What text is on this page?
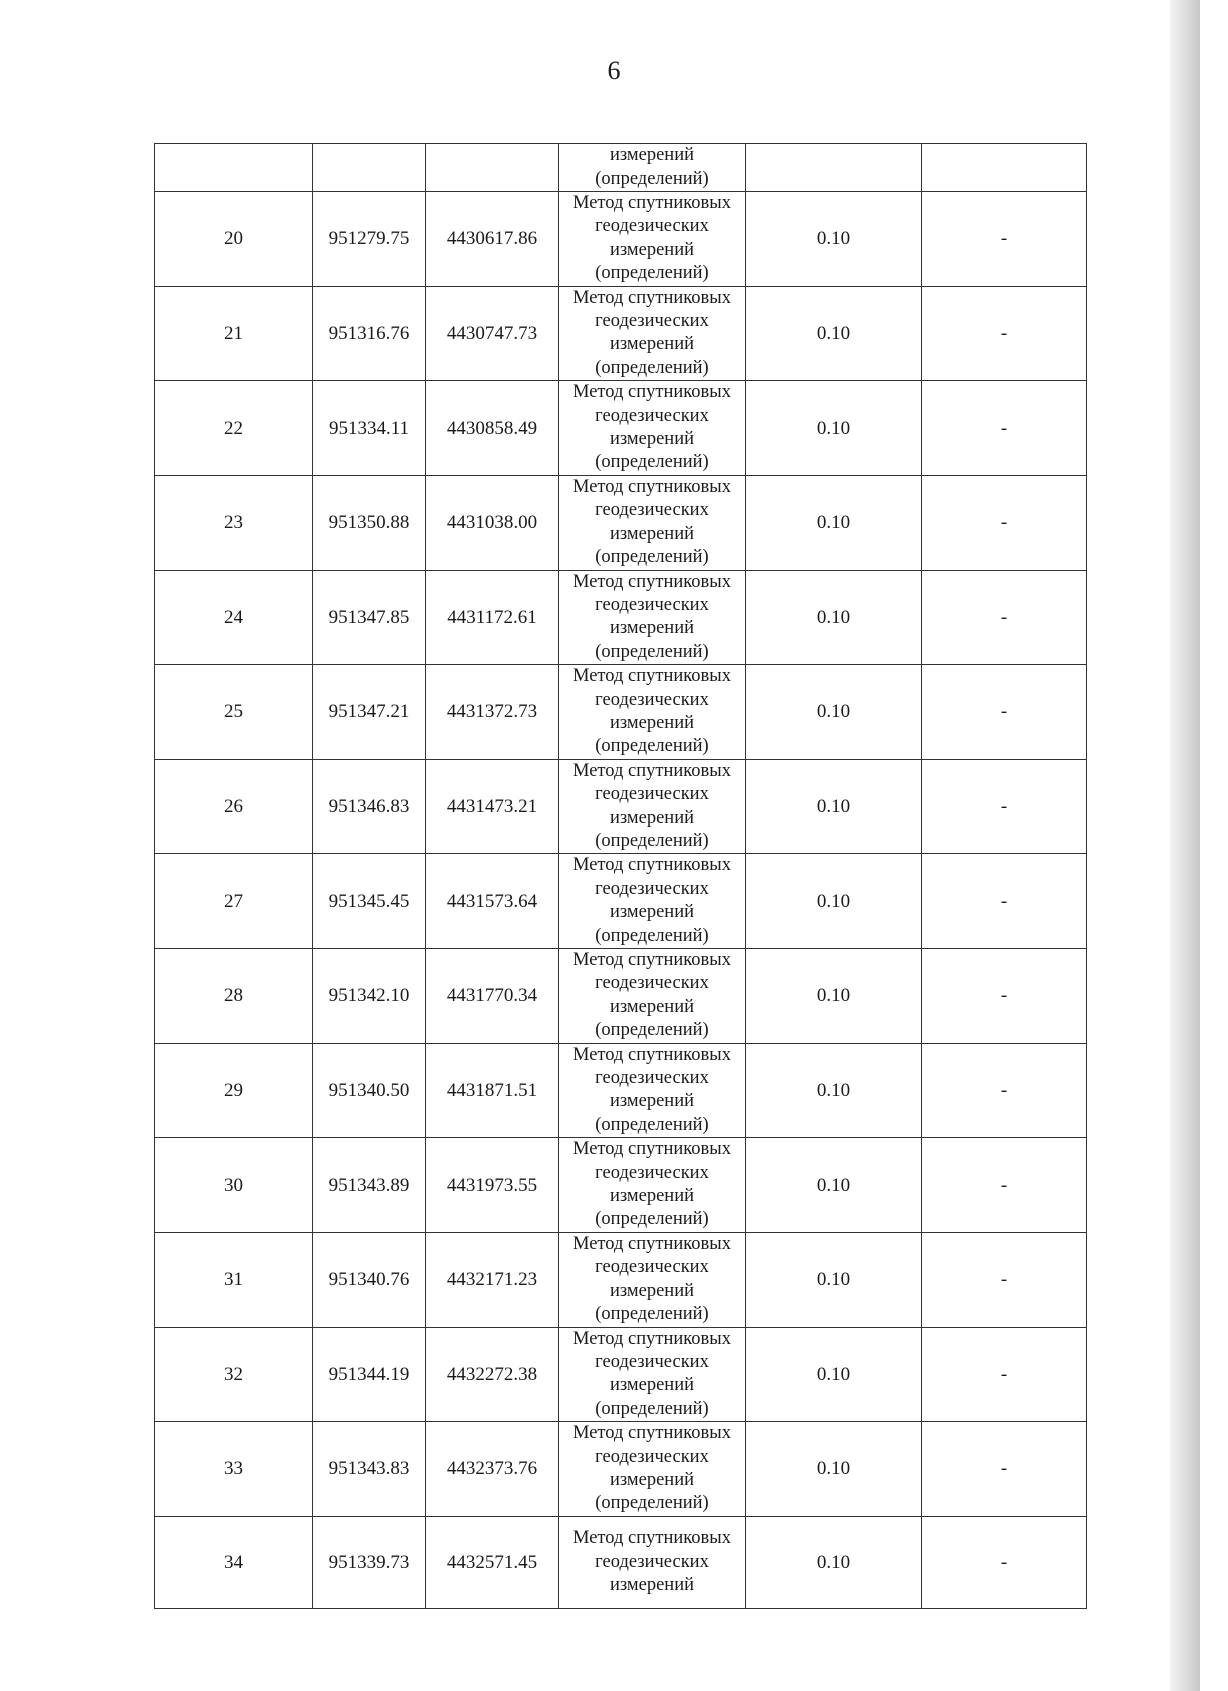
6

			измерений
(определений)		

20	951279.75	4430617.86	Метод спутниковых
геодезических
измерений
(определений)	0.10	-
21	951316.76	4430747.73	Метод спутниковых
геодезических
измерений
(определений)	0.10	-
22	951334.11	4430858.49	Метод спутниковых
геодезических
измерений
(определений)	0.10	-
23	951350.88	4431038.00	Метод спутниковых
геодезических
измерений
(определений)	0.10	-
24	951347.85	4431172.61	Метод спутниковых
геодезических
измерений
(определений)	0.10	-
25	951347.21	4431372.73	Метод спутниковых
геодезических
измерений
(определений)	0.10	-
26	951346.83	4431473.21	Метод спутниковых
геодезических
измерений
(определений)	0.10	-
27	951345.45	4431573.64	Метод спутниковых
геодезических
измерений
(определений)	0.10	-
28	951342.10	4431770.34	Метод спутниковых
геодезических
измерений
(определений)	0.10	-
29	951340.50	4431871.51	Метод спутниковых
геодезических
измерений
(определений)	0.10	-
30	951343.89	4431973.55	Метод спутниковых
геодезических
измерений
(определений)	0.10	-
31	951340.76	4432171.23	Метод спутниковых
геодезических
измерений
(определений)	0.10	-
32	951344.19	4432272.38	Метод спутниковых
геодезических
измерений
(определений)	0.10	-
33	951343.83	4432373.76	Метод спутниковых
геодезических
измерений
(определений)	0.10	-
34	951339.73	4432571.45	Метод спутниковых
геодезических
измерений	0.10	-
